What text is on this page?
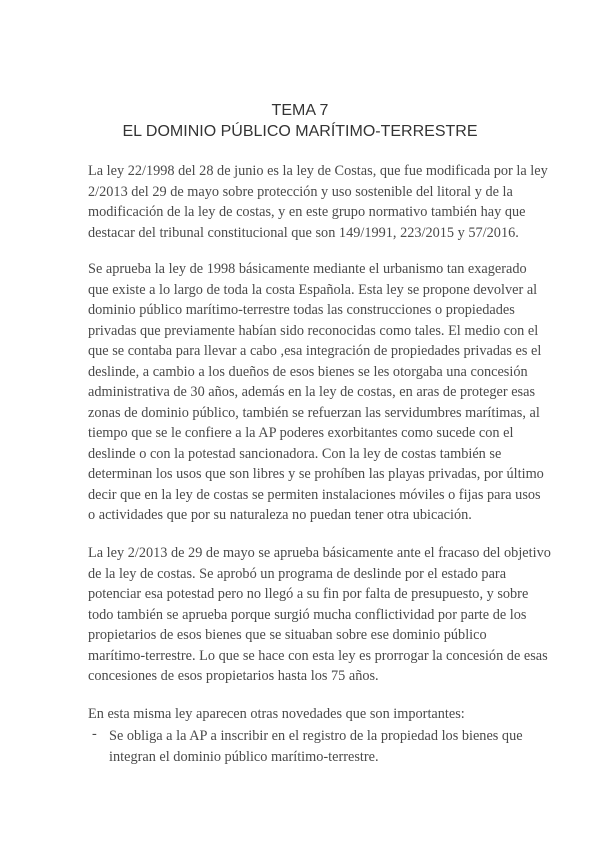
TEMA 7
EL DOMINIO PÚBLICO MARÍTIMO-TERRESTRE
La ley 22/1998 del 28 de junio es la ley de Costas, que fue modificada por la ley
2/2013 del 29 de mayo sobre protección y uso sostenible del litoral y de la
modificación de la ley de costas, y en este grupo normativo también hay que
destacar del tribunal constitucional que son 149/1991, 223/2015 y 57/2016.
Se aprueba la ley de 1998 básicamente mediante el urbanismo tan exagerado
que existe a lo largo de toda la costa Española. Esta ley se propone devolver al
dominio público marítimo-terrestre todas las construcciones o propiedades
privadas que previamente habían sido reconocidas como tales. El medio con el
que se contaba para llevar a cabo ,esa integración de propiedades privadas es el
deslinde, a cambio a los dueños de esos bienes se les otorgaba una concesión
administrativa de 30 años, además en la ley de costas, en aras de proteger esas
zonas de dominio público, también se refuerzan las servidumbres marítimas, al
tiempo que se le confiere a la AP poderes exorbitantes como sucede con el
deslinde o con la potestad sancionadora. Con la ley de costas también se
determinan los usos que son libres y se prohíben las playas privadas, por último
decir que en la ley de costas se permiten instalaciones móviles o fijas para usos
o actividades que por su naturaleza no puedan tener otra ubicación.
La ley 2/2013 de 29 de mayo se aprueba básicamente ante el fracaso del objetivo
de la ley de costas. Se aprobó un programa de deslinde por el estado para
potenciar esa potestad pero no llegó a su fin por falta de presupuesto, y sobre
todo también se aprueba porque surgió mucha conflictividad por parte de los
propietarios de esos bienes que se situaban sobre ese dominio público
marítimo-terrestre. Lo que se hace con esta ley es prorrogar la concesión de esas
concesiones de esos propietarios hasta los 75 años.
En esta misma ley aparecen otras novedades que son importantes:
- Se obliga a la AP a inscribir en el registro de la propiedad los bienes que
integran el dominio público marítimo-terrestre.
